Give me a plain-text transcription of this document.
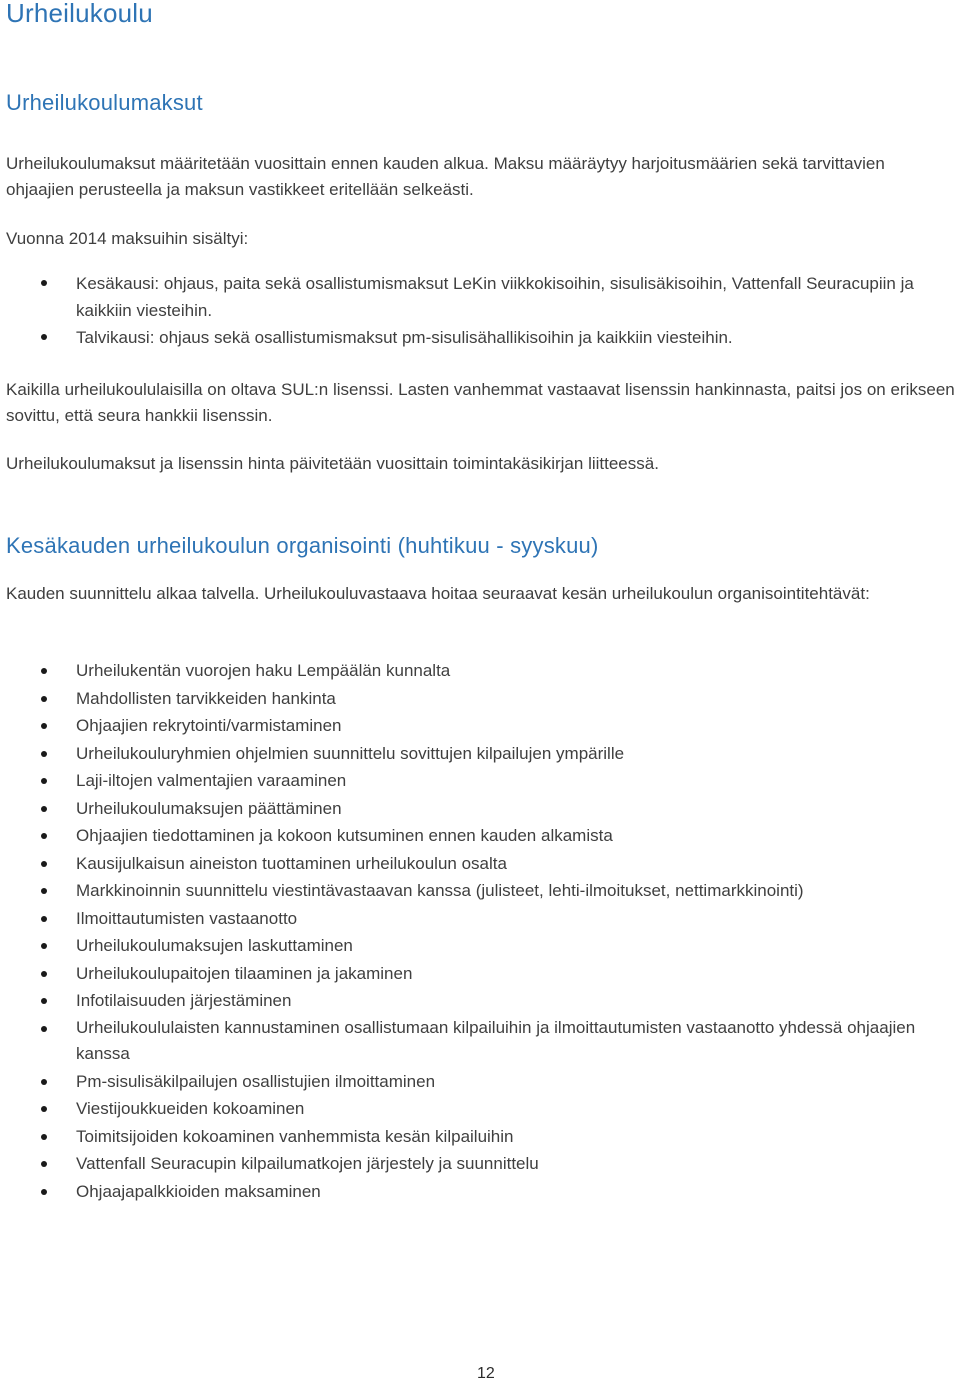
Urheilukoulu
Urheilukoulumaksut

Urheilukoulumaksut määritetään vuosittain ennen kauden alkua. Maksu määräytyy harjoitusmäärien sekä tarvittavien ohjaajien perusteella ja maksun vastikkeet eritellään selkeästi.

Vuonna 2014 maksuihin sisältyi:

Kesäkausi: ohjaus, paita sekä osallistumismaksut LeKin viikkokisoihin, sisulisäkisoihin, Vattenfall Seuracupiin ja kaikkiin viesteihin.
Talvikausi: ohjaus sekä osallistumismaksut pm-sisulisähallikisoihin ja kaikkiin viesteihin.

Kaikilla urheilukoululaisilla on oltava SUL:n lisenssi. Lasten vanhemmat vastaavat lisenssin hankinnasta, paitsi jos on erikseen sovittu, että seura hankkii lisenssin.

Urheilukoulumaksut ja lisenssin hinta päivitetään vuosittain toimintakäsikirjan liitteessä.

Kesäkauden urheilukoulun organisointi (huhtikuu - syyskuu)

Kauden suunnittelu alkaa talvella. Urheilukouluvastaava hoitaa seuraavat kesän urheilukoulun organisointitehtävät:

Urheilukentän vuorojen haku Lempäälän kunnalta
Mahdollisten tarvikkeiden hankinta
Ohjaajien rekrytointi/varmistaminen
Urheilukouluryhmien ohjelmien suunnittelu sovittujen kilpailujen ympärille
Laji-iltojen valmentajien varaaminen
Urheilukoulumaksujen päättäminen
Ohjaajien tiedottaminen ja kokoon kutsuminen ennen kauden alkamista
Kausijulkaisun aineiston tuottaminen urheilukoulun osalta
Markkinoinnin suunnittelu viestintävastaavan kanssa (julisteet, lehti-ilmoitukset, nettimarkkinointi)
Ilmoittautumisten vastaanotto
Urheilukoulumaksujen laskuttaminen
Urheilukoulupaitojen tilaaminen ja jakaminen
Infotilaisuuden järjestäminen
Urheilukoululaisten kannustaminen osallistumaan kilpailuihin ja ilmoittautumisten vastaanotto yhdessä ohjaajien kanssa
Pm-sisulisäkilpailujen osallistujien ilmoittaminen
Viestijoukkueiden kokoaminen
Toimitsijoiden kokoaminen vanhemmista kesän kilpailuihin
Vattenfall Seuracupin kilpailumatkojen järjestely ja suunnittelu
Ohjaajapalkkioiden maksaminen
12
